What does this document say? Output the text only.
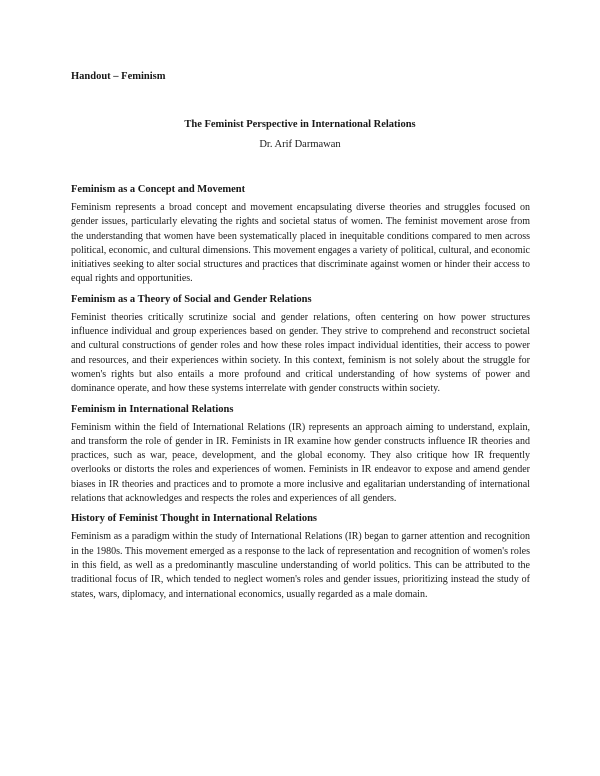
Handout – Feminism
The Feminist Perspective in International Relations
Dr. Arif Darmawan
Feminism as a Concept and Movement
Feminism represents a broad concept and movement encapsulating diverse theories and struggles focused on gender issues, particularly elevating the rights and societal status of women. The feminist movement arose from the understanding that women have been systematically placed in inequitable conditions compared to men across political, economic, and cultural dimensions. This movement engages a variety of political, cultural, and economic initiatives seeking to alter social structures and practices that discriminate against women or hinder their access to equal rights and opportunities.
Feminism as a Theory of Social and Gender Relations
Feminist theories critically scrutinize social and gender relations, often centering on how power structures influence individual and group experiences based on gender. They strive to comprehend and reconstruct societal and cultural constructions of gender roles and how these roles impact individual identities, their access to power and resources, and their experiences within society. In this context, feminism is not solely about the struggle for women's rights but also entails a more profound and critical understanding of how systems of power and dominance operate, and how these systems interrelate with gender constructs within society.
Feminism in International Relations
Feminism within the field of International Relations (IR) represents an approach aiming to understand, explain, and transform the role of gender in IR. Feminists in IR examine how gender constructs influence IR theories and practices, such as war, peace, development, and the global economy. They also critique how IR frequently overlooks or distorts the roles and experiences of women. Feminists in IR endeavor to expose and amend gender biases in IR theories and practices and to promote a more inclusive and egalitarian understanding of international relations that acknowledges and respects the roles and experiences of all genders.
History of Feminist Thought in International Relations
Feminism as a paradigm within the study of International Relations (IR) began to garner attention and recognition in the 1980s. This movement emerged as a response to the lack of representation and recognition of women's roles in this field, as well as a predominantly masculine understanding of world politics. This can be attributed to the traditional focus of IR, which tended to neglect women's roles and gender issues, prioritizing instead the study of states, wars, diplomacy, and international economics, usually regarded as a male domain.
